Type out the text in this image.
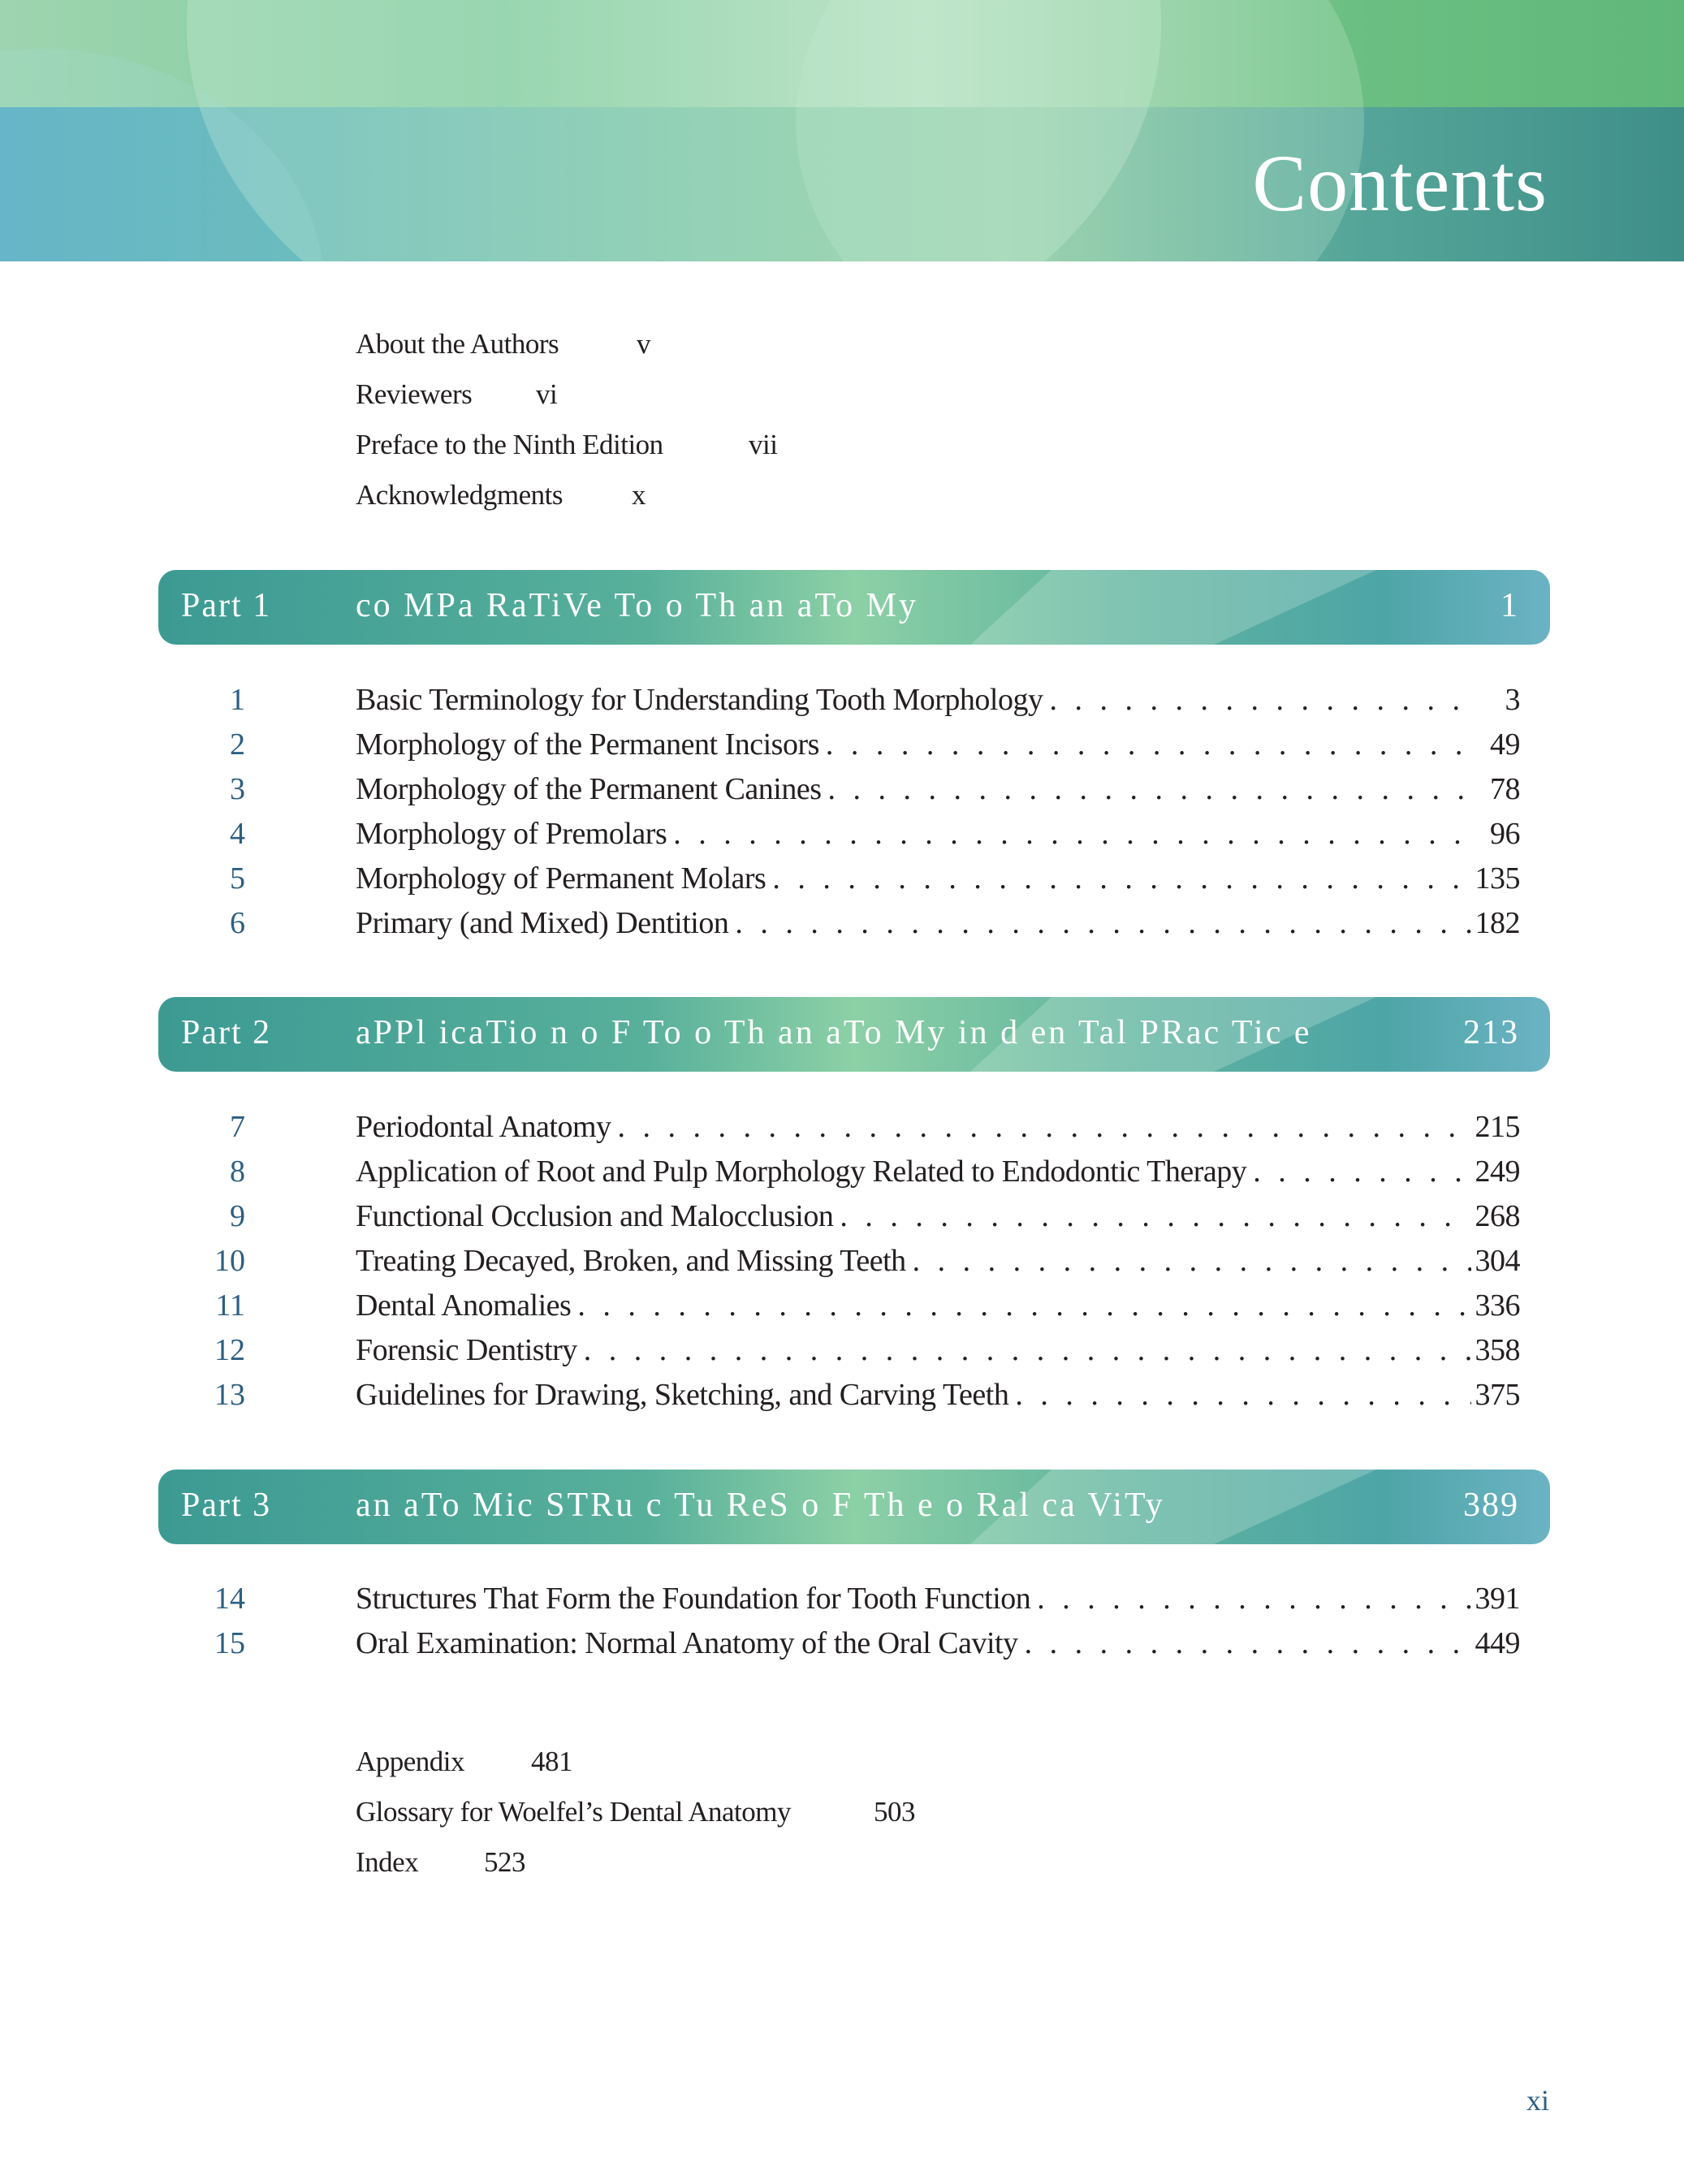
Contents
About the Authors	v
Reviewers vi
Preface to the Ninth Edition	vii
Acknowledgments x
Part 1 co MPa RaTiVe To o Th an aTo My	1
1	Basic Terminology for Understanding Tooth Morphology . . .	3
2	Morphology of the Permanent Incisors . . .	49
3	Morphology of the Permanent Canines . . .	78
4	Morphology of Premolars . . .	96
5	Morphology of Permanent Molars . . .	135
6	Primary (and Mixed) Dentition . . .	182
Part 2 aPPl icaTio n o F To o Th an aTo My in d en Tal PRac Tic e	213
7	Periodontal Anatomy . . .	215
8	Application of Root and Pulp Morphology Related to Endodontic Therapy . . .	249
9	Functional Occlusion and Malocclusion . . .	268
10	Treating Decayed, Broken, and Missing Teeth . . .	304
11	Dental Anomalies . . .	336
12	Forensic Dentistry . . .	358
13	Guidelines for Drawing, Sketching, and Carving Teeth . . .	375
Part 3 an aTo Mic STRu c Tu ReS o F Th e o Ral ca ViTy	389
14	Structures That Form the Foundation for Tooth Function . . .	391
15	Oral Examination: Normal Anatomy of the Oral Cavity . . .	449
Appendix 481
Glossary for Woelfel’s Dental Anatomy	503
Index 523
xi
